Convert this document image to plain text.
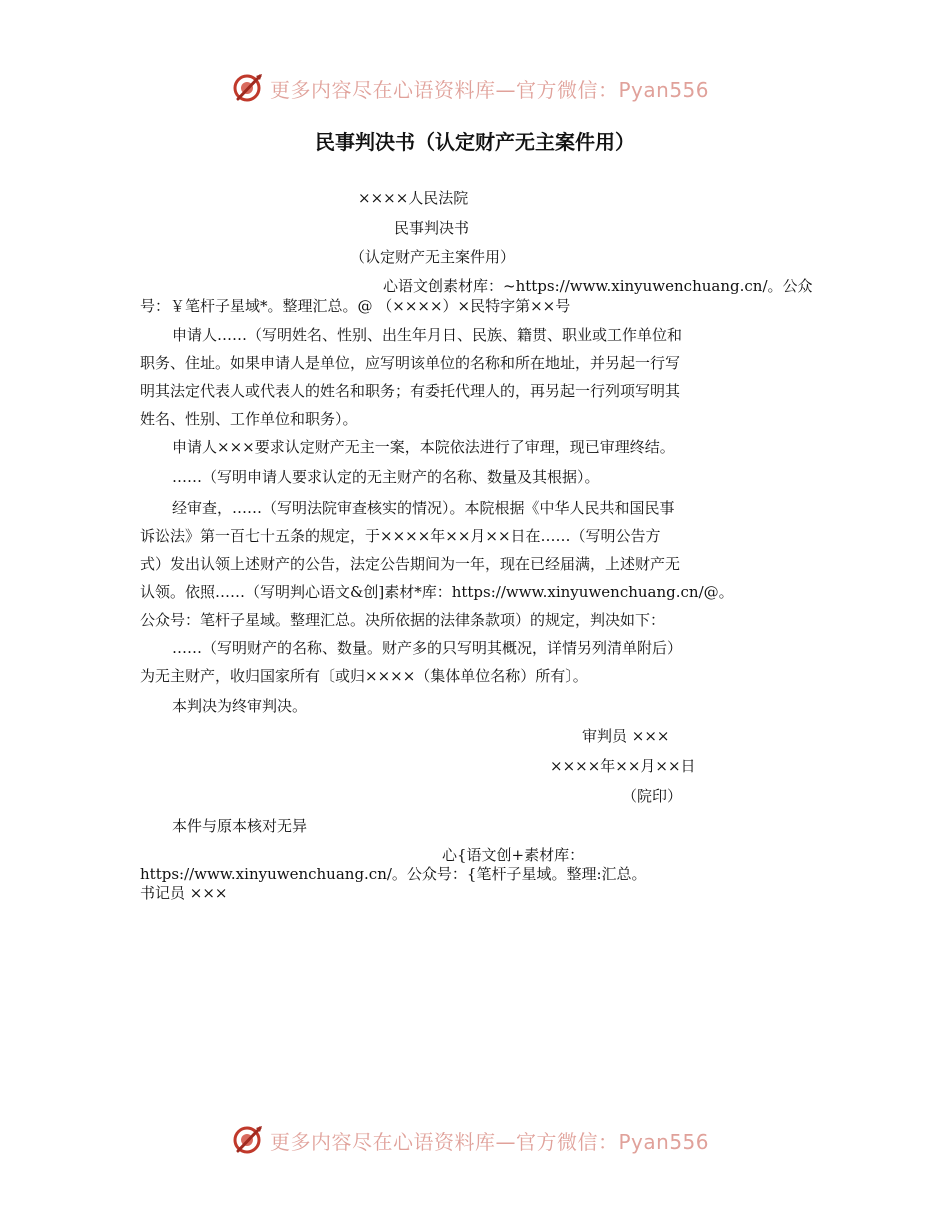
更多内容尽在心语资料库—官方微信：Pyan556
民事判决书（认定财产无主案件用）

××××人民法院

民事判决书

（认定财产无主案件用）

心语文创素材库：~https://www.xinyuwenchuang.cn/。公众

号：￥笔杆子星域*。整理汇总。@ （××××）×民特字第××号

申请人……（写明姓名、性别、出生年月日、民族、籍贯、职业或工作单位和

职务、住址。如果申请人是单位，应写明该单位的名称和所在地址，并另起一行写

明其法定代表人或代表人的姓名和职务；有委托代理人的，再另起一行列项写明其

姓名、性别、工作单位和职务）。

申请人×××要求认定财产无主一案，本院依法进行了审理，现已审理终结。

……（写明申请人要求认定的无主财产的名称、数量及其根据）。

经审查，……（写明法院审查核实的情况）。本院根据《中华人民共和国民事

诉讼法》第一百七十五条的规定，于××××年××月××日在……（写明公告方

式）发出认领上述财产的公告，法定公告期间为一年，现在已经届满，上述财产无

认领。依照……（写明判心语文&创]素材*库：https://www.xinyuwenchuang.cn/@。

公众号：笔杆子星域。整理汇总。决所依据的法律条款项）的规定，判决如下：

……（写明财产的名称、数量。财产多的只写明其概况，详情另列清单附后）

为无主财产，收归国家所有〔或归××××（集体单位名称）所有〕。

本判决为终审判决。

审判员 ×××

××××年××月××日

（院印）

本件与原本核对无异

心{语文创+素材库：

https://www.xinyuwenchuang.cn/。公众号：{笔杆子星域。整理:汇总。

书记员 ×××

更多内容尽在心语资料库—官方微信：Pyan556
